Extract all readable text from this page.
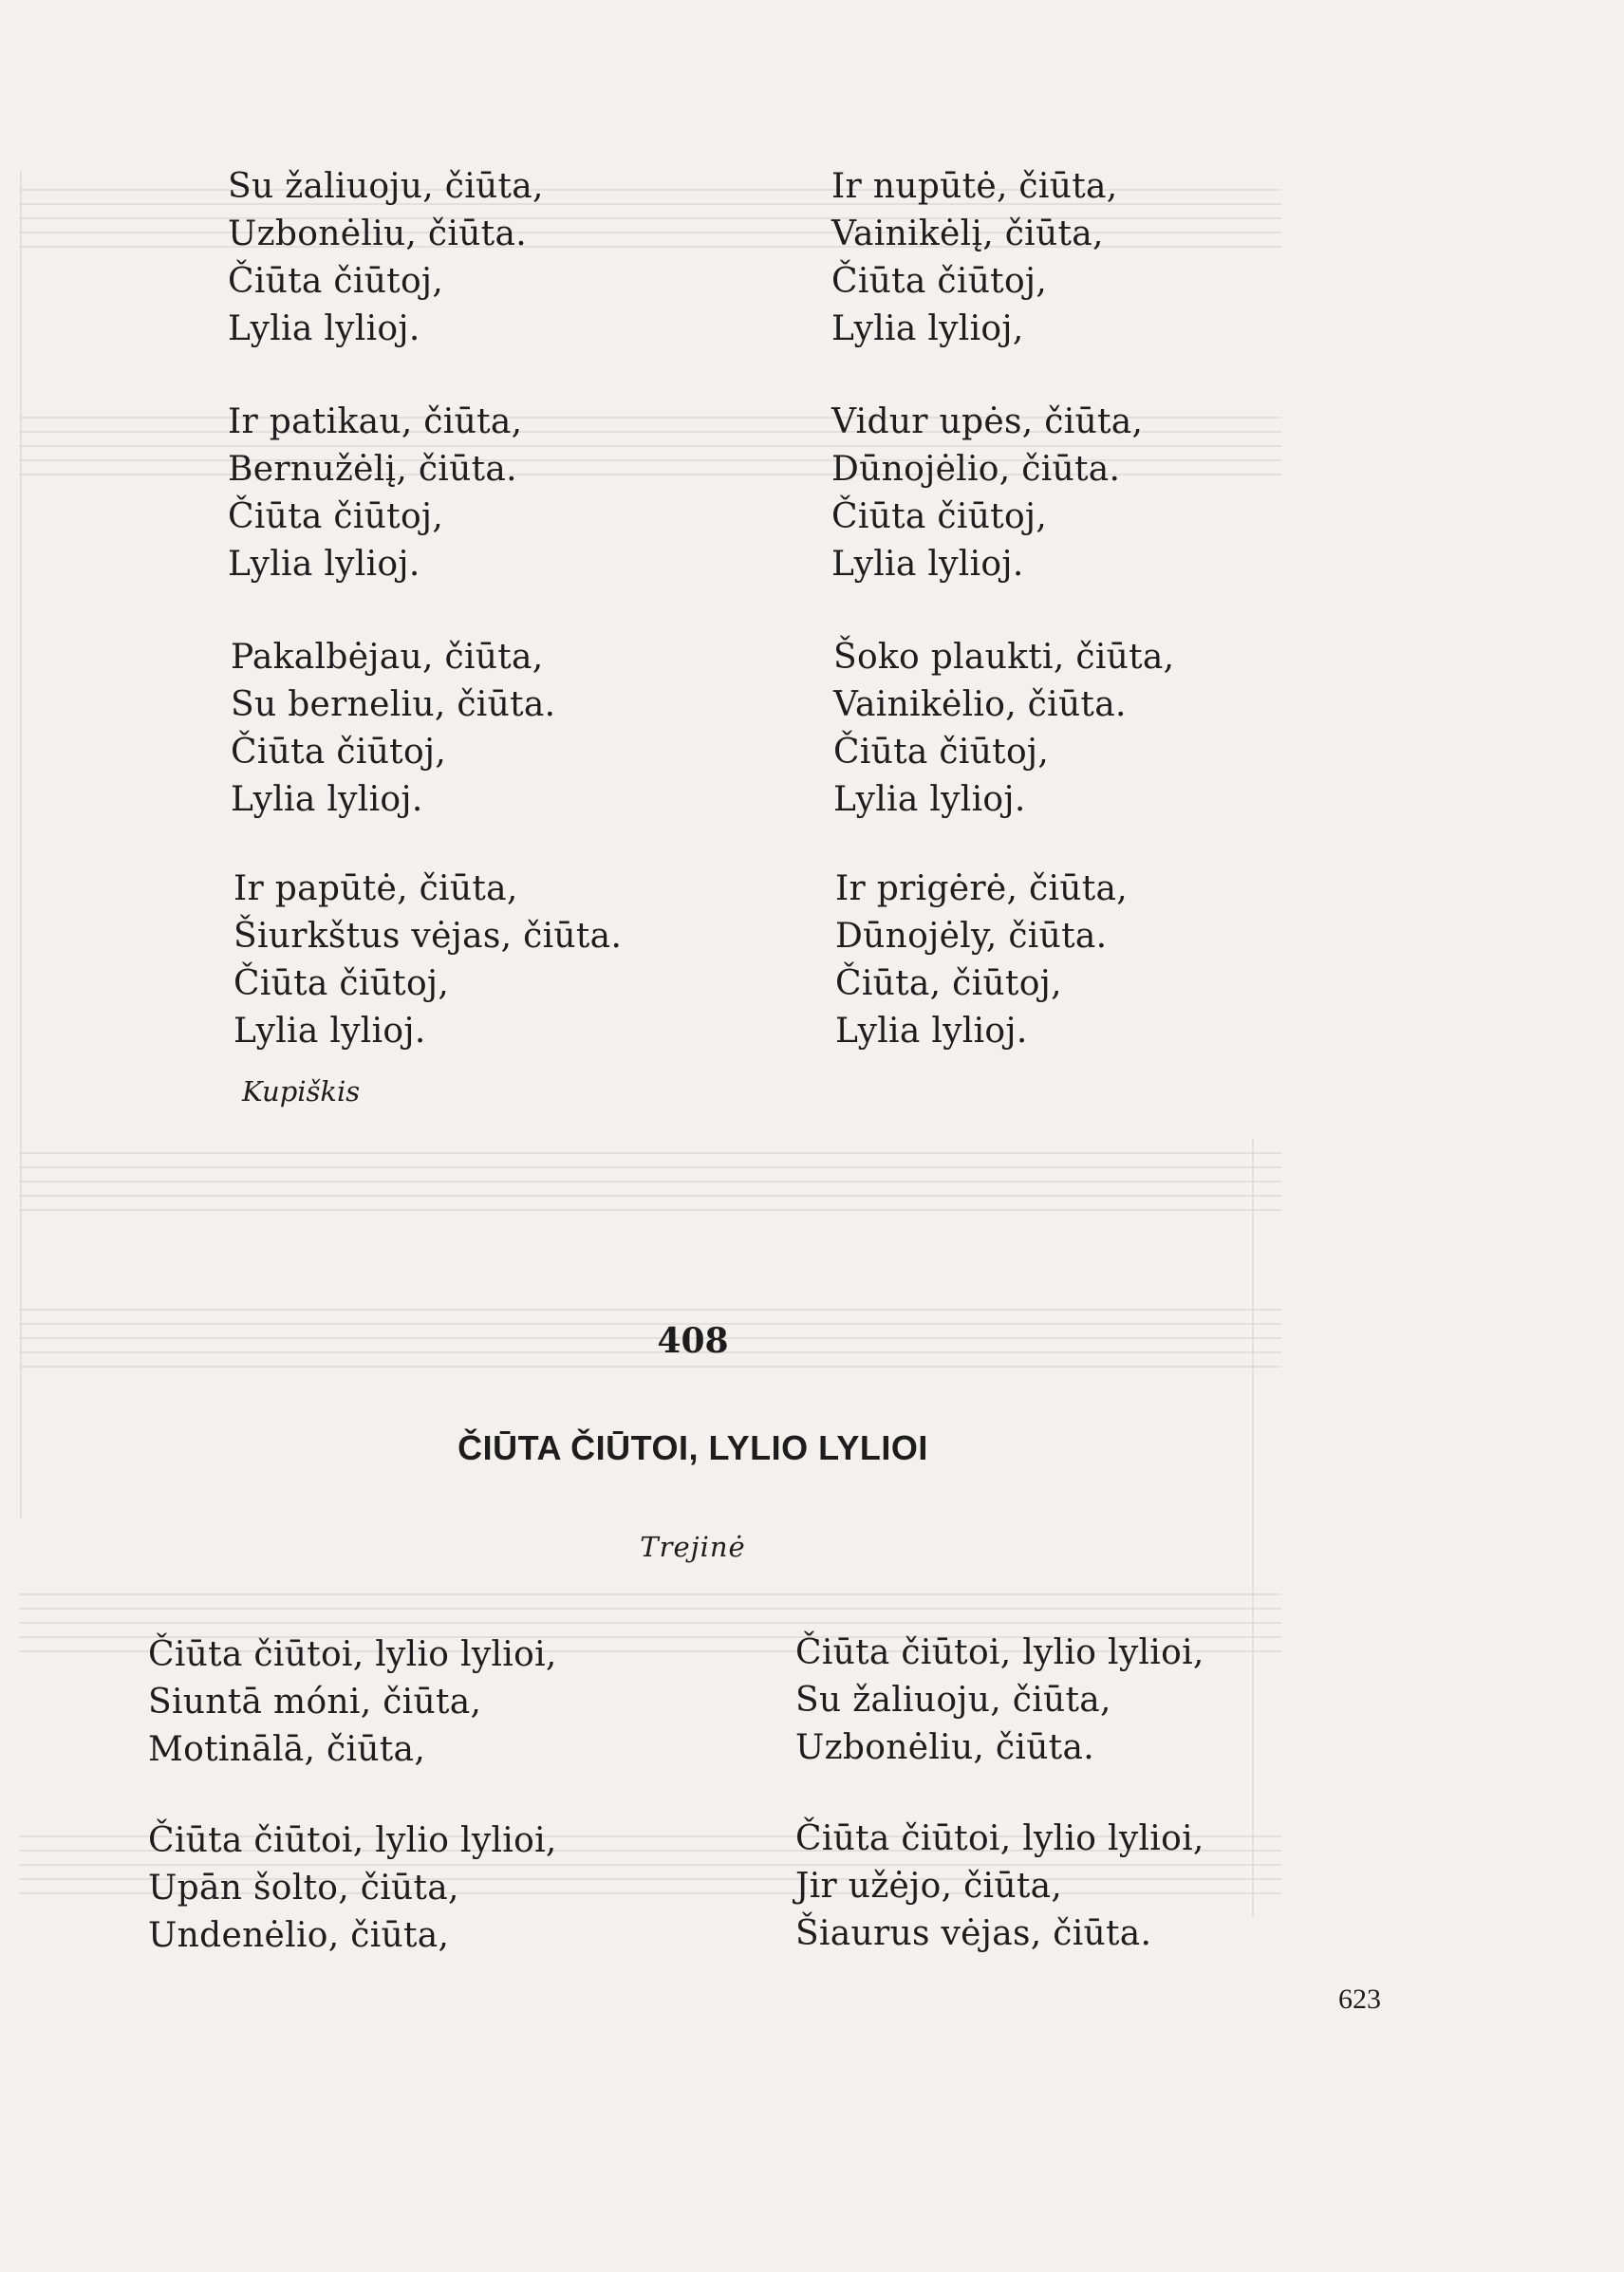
Su žaliuoju, čiūta,
Uzbonėliu, čiūta.
Čiūta čiūtoj,
Lylia lylioj.
Ir patikau, čiūta,
Bernužėlį, čiūta.
Čiūta čiūtoj,
Lylia lylioj.
Pakalbėjau, čiūta,
Su berneliu, čiūta.
Čiūta čiūtoj,
Lylia lylioj.
Ir papūtė, čiūta,
Šiurkštus vėjas, čiūta.
Čiūta čiūtoj,
Lylia lylioj.
Ir nupūtė, čiūta,
Vainikėlį, čiūta,
Čiūta čiūtoj,
Lylia lylioj,
Vidur upės, čiūta,
Dūnojėlio, čiūta.
Čiūta čiūtoj,
Lylia lylioj.
Šoko plaukti, čiūta,
Vainikėlio, čiūta.
Čiūta čiūtoj,
Lylia lylioj.
Ir prigėrė, čiūta,
Dūnojėly, čiūta.
Čiūta, čiūtoj,
Lylia lylioj.
Kupiškis
408
ČIŪTA ČIŪTOI, LYLIO LYLIOI
Trejinė
Čiūta čiūtoi, lylio lylioi,
Siuntā móni, čiūta,
Motinālā, čiūta,
Čiūta čiūtoi, lylio lylioi,
Upān šolto, čiūta,
Undenėlio, čiūta,
Čiūta čiūtoi, lylio lylioi,
Su žaliuoju, čiūta,
Uzbonėliu, čiūta.
Čiūta čiūtoi, lylio lylioi,
Jir užėjo, čiūta,
Šiaurus vėjas, čiūta.
623
